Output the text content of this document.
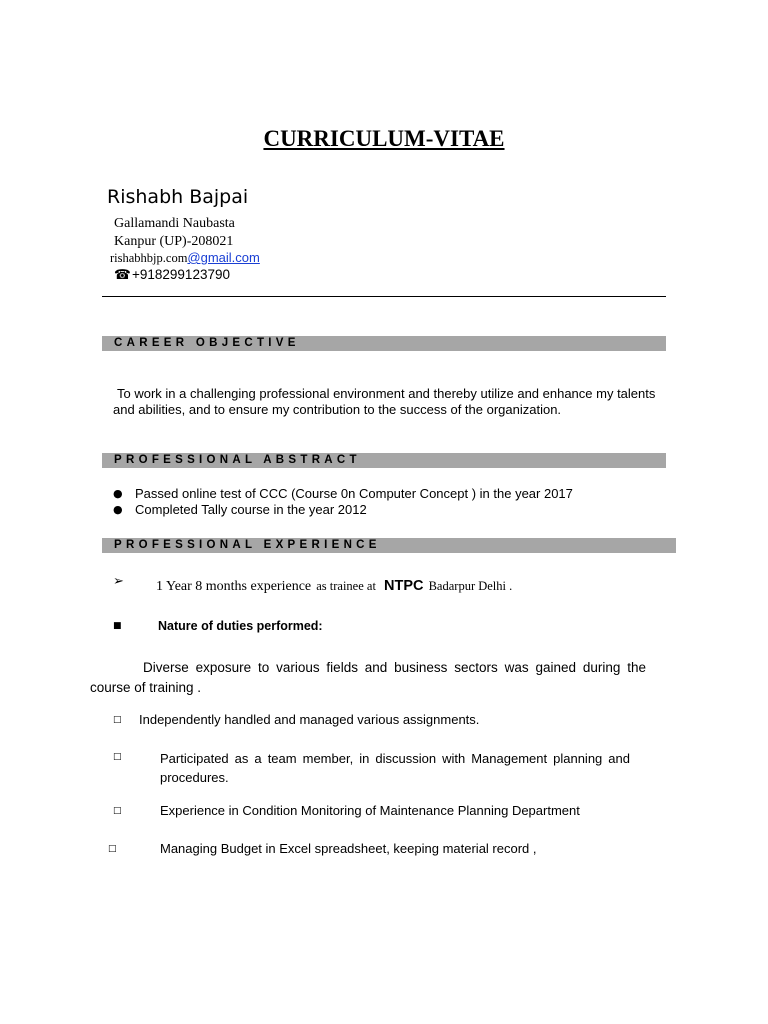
CURRICULUM-VITAE
Rishabh Bajpai
Gallamandi Naubasta
Kanpur (UP)-208021
rishabhbjp.com@gmail.com
☎+918299123790
CAREER OBJECTIVE
To work in a challenging professional environment and thereby utilize and enhance my talents and abilities, and to ensure my contribution to the success of the organization.
PROFESSIONAL ABSTRACT
● Passed online test of CCC (Course 0n Computer Concept ) in the year 2017
● Completed Tally course in the year 2012
PROFESSIONAL EXPERIENCE
➢ 1 Year 8 months experience as trainee at NTPC Badarpur Delhi .
■	Nature of duties performed:
Diverse exposure to various fields and business sectors was gained during the course of training .
□ Independently handled and managed various assignments.
□	Participated as a team member, in discussion with Management planning and procedures.
□	Experience in Condition Monitoring of Maintenance Planning Department
□	Managing Budget in Excel spreadsheet, keeping material record ,
